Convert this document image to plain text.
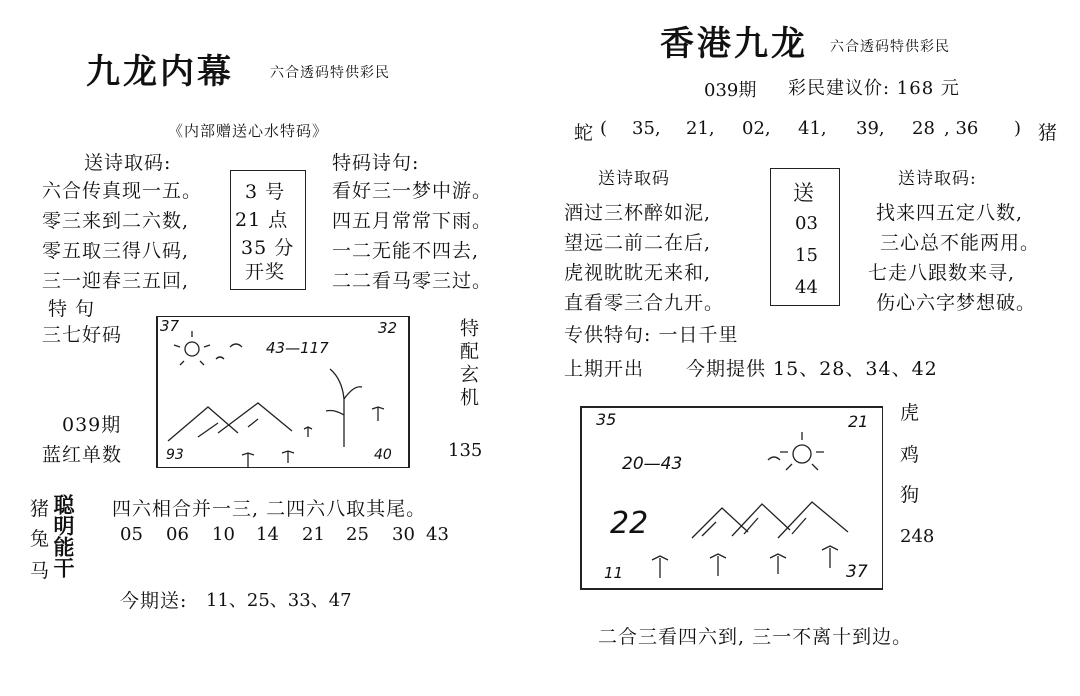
九龙内幕	六合透码特供彩民
《内部赠送心水特码》
送诗取码:
六合传真现一五。
零三来到二六数,
零五取三得八码,
三一迎春三五回,
3 号
21 点
35 分
开奖
特码诗句:
看好三一梦中游。
四五月常常下雨。
一二无能不四去,
二二看马零三过。
特 句
三七好码
039期
蓝红单数
37	32
93	40
43—117	特配玄机
135
猪
兔
马 聪明能干 四六相合并一三, 二四六八取其尾。
05 06 10 14 21 25 30 43
今期送: 11、25、33、47
香港九龙 六合透码特供彩民
039期 彩民建议价: 168 元
蛇 ( 35, 21, 02, 41, 39, 28 , 36 ) 猪
送诗取码	送诗取码:
酒过三杯醉如泥,
望远二前二在后,
虎视眈眈无来和,
直看零三合九开。
送
03
15
44
找来四五定八数,
三心总不能两用。
七走八跟数来寻,
伤心六字梦想破。
专供特句: 一日千里
上期开出 今期提供 15、28、34、42
35	21
11	37
22
20—43
虎
鸡
狗
248
二合三看四六到, 三一不离十到边。
